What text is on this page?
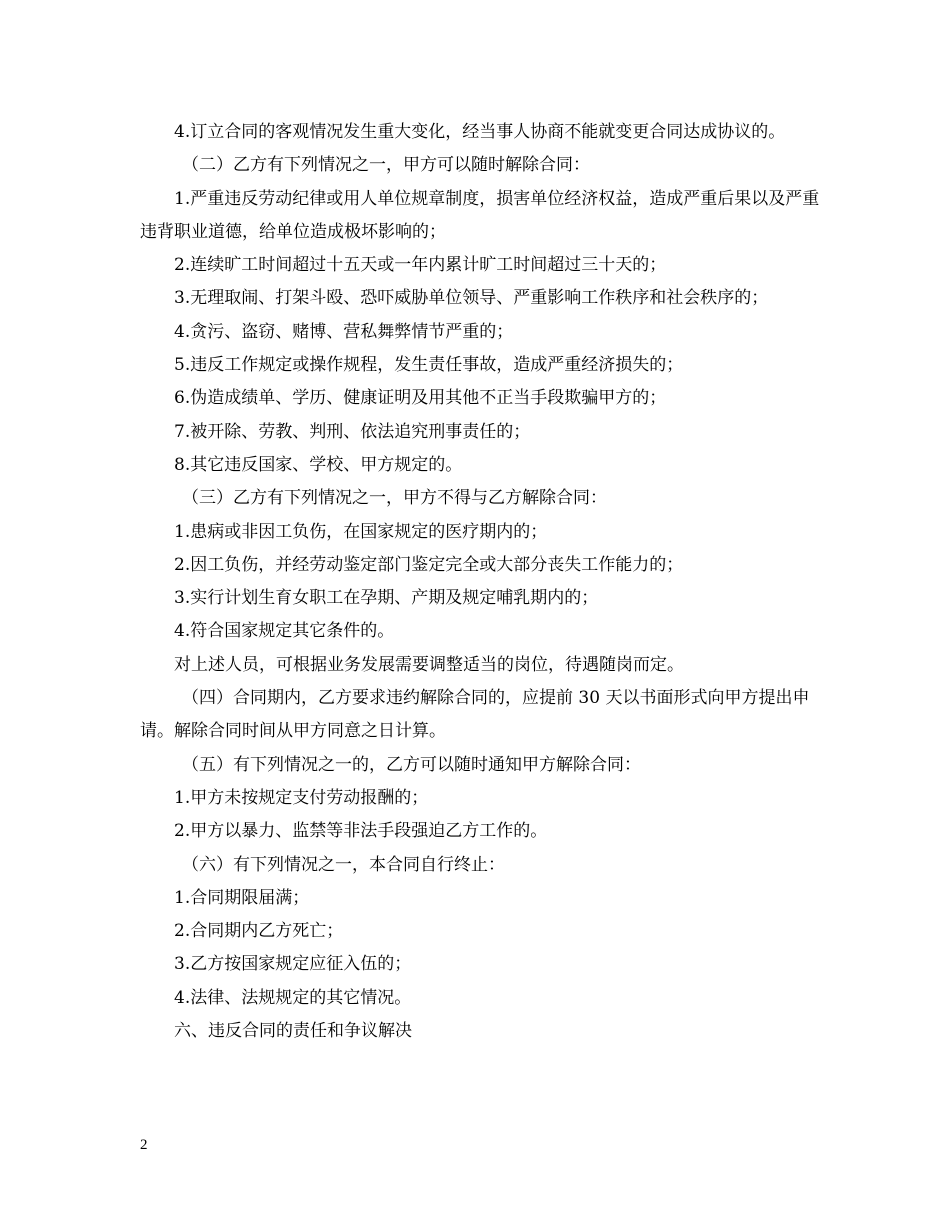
4.订立合同的客观情况发生重大变化，经当事人协商不能就变更合同达成协议的。

（二）乙方有下列情况之一，甲方可以随时解除合同：

1.严重违反劳动纪律或用人单位规章制度，损害单位经济权益，造成严重后果以及严重违背职业道德，给单位造成极坏影响的；

2.连续旷工时间超过十五天或一年内累计旷工时间超过三十天的；

3.无理取闹、打架斗殴、恐吓威胁单位领导、严重影响工作秩序和社会秩序的；

4.贪污、盗窃、赌博、营私舞弊情节严重的；

5.违反工作规定或操作规程，发生责任事故，造成严重经济损失的；

6.伪造成绩单、学历、健康证明及用其他不正当手段欺骗甲方的；

7.被开除、劳教、判刑、依法追究刑事责任的；

8.其它违反国家、学校、甲方规定的。

（三）乙方有下列情况之一，甲方不得与乙方解除合同：

1.患病或非因工负伤，在国家规定的医疗期内的；

2.因工负伤，并经劳动鉴定部门鉴定完全或大部分丧失工作能力的；

3.实行计划生育女职工在孕期、产期及规定哺乳期内的；

4.符合国家规定其它条件的。

对上述人员，可根据业务发展需要调整适当的岗位，待遇随岗而定。

（四）合同期内，乙方要求违约解除合同的，应提前 30 天以书面形式向甲方提出申请。解除合同时间从甲方同意之日计算。

（五）有下列情况之一的，乙方可以随时通知甲方解除合同：

1.甲方未按规定支付劳动报酬的；

2.甲方以暴力、监禁等非法手段强迫乙方工作的。

（六）有下列情况之一，本合同自行终止：

1.合同期限届满；

2.合同期内乙方死亡；

3.乙方按国家规定应征入伍的；

4.法律、法规规定的其它情况。

六、违反合同的责任和争议解决

2
